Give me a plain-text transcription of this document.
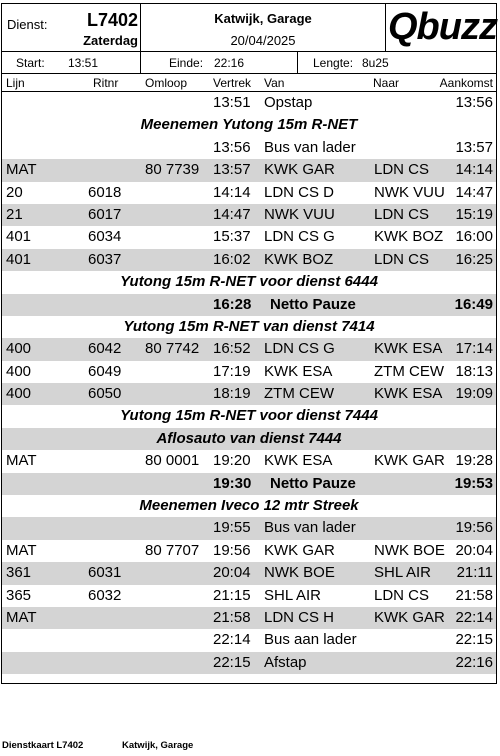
Dienst: L7402
Zaterdag
Katwijk, Garage
20/04/2025	Qbuzz
Start: 13:51	Einde: 22:16	Lengte: 8u25
Lijn	Ritnr Omloop Vertrek Van	Naar	Aankomst
13:51 Opstap	13:56
Meenemen Yutong 15m R-NET
13:56 Bus van lader	13:57
MAT	80 7739 13:57 KWK GAR	LDN CS 14:14
20	6018	14:14 LDN CS D	NWK VUU 14:47
21	6017	14:47 NWK VUU	LDN CS 15:19
401	6034	15:37 LDN CS G	KWK BOZ 16:00
401	6037	16:02 KWK BOZ	LDN CS 16:25
Yutong 15m R-NET voor dienst 6444
16:28 Netto Pauze	16:49
Yutong 15m R-NET van dienst 7414
400	6042 80 7742 16:52 LDN CS G	KWK ESA 17:14
400	6049	17:19 KWK ESA	ZTM CEW 18:13
400	6050	18:19 ZTM CEW	KWK ESA 19:09
Yutong 15m R-NET voor dienst 7444
Aflosauto van dienst 7444
MAT	80 0001 19:20 KWK ESA	KWK GAR 19:28
19:30 Netto Pauze	19:53
Meenemen Iveco 12 mtr Streek
19:55 Bus van lader	19:56
MAT	80 7707 19:56 KWK GAR	NWK BOE 20:04
361	6031	20:04 NWK BOE	SHL AIR 21:11
365	6032	21:15 SHL AIR	LDN CS 21:58
MAT	21:58 LDN CS H	KWK GAR 22:14
22:14 Bus aan lader	22:15
22:15 Afstap	22:16
Dienstkaart L7402	Katwijk, Garage
